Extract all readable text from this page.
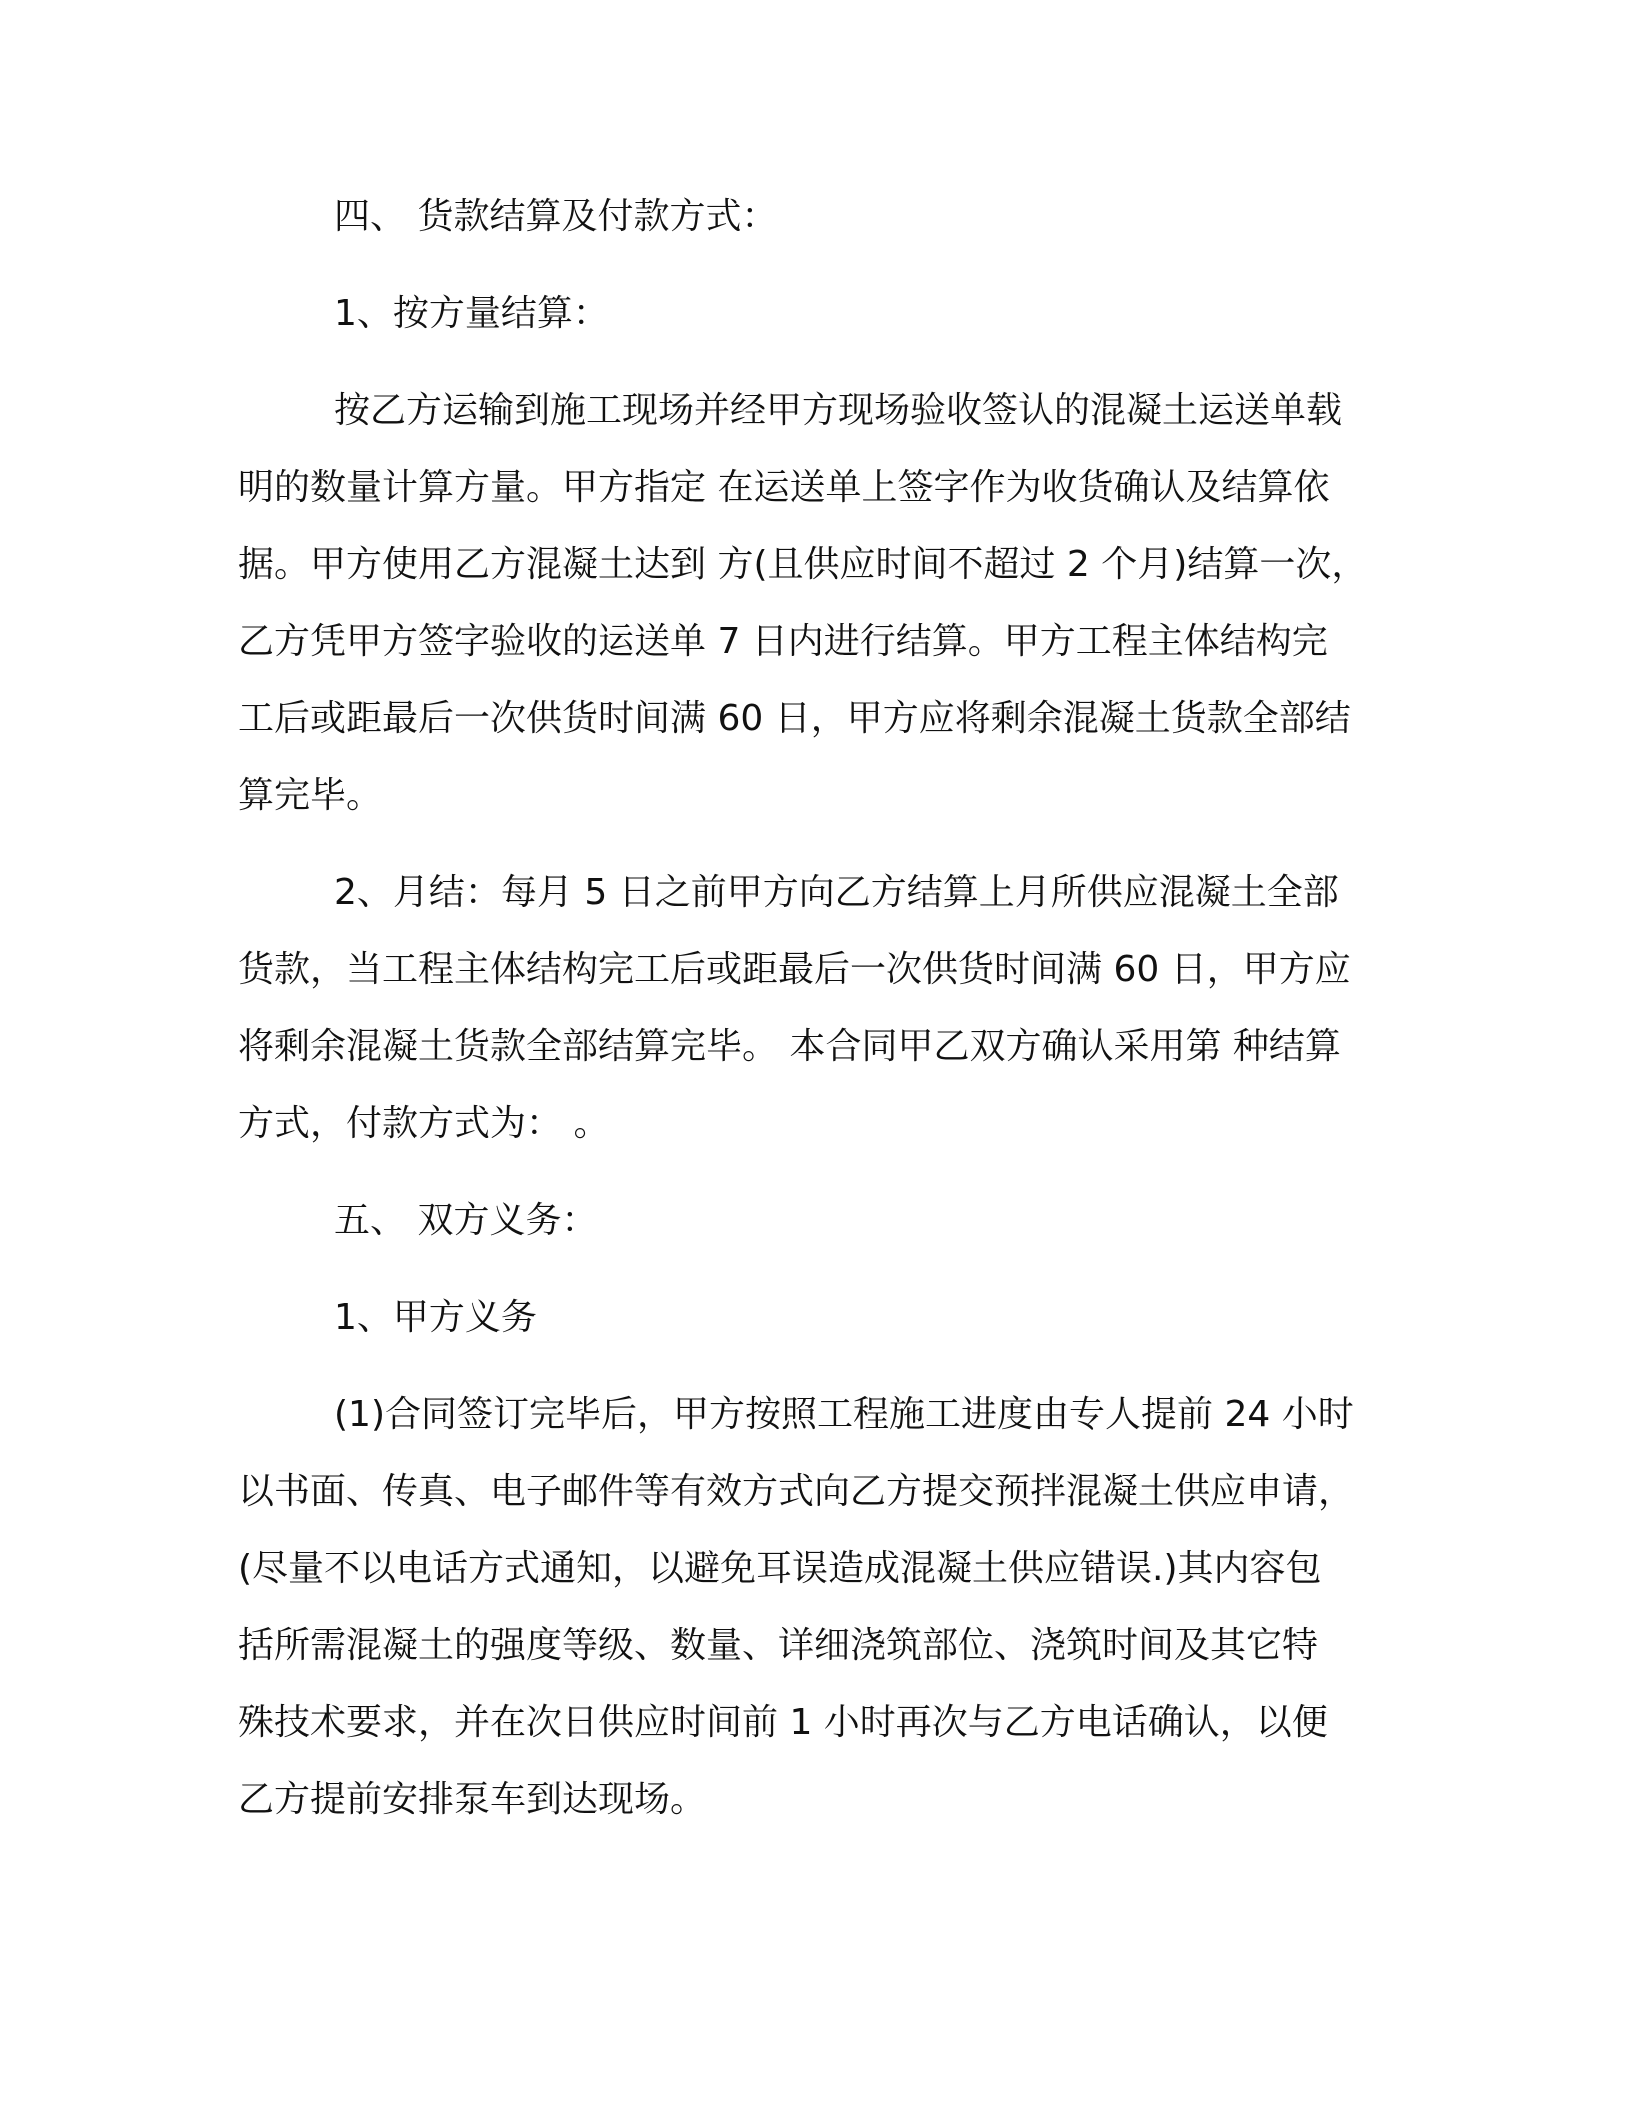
四、 货款结算及付款方式：

1、按方量结算：

按乙方运输到施工现场并经甲方现场验收签认的混凝土运送单载
明的数量计算方量。甲方指定 在运送单上签字作为收货确认及结算依
据。甲方使用乙方混凝土达到 方(且供应时间不超过 2 个月)结算一次，
乙方凭甲方签字验收的运送单 7 日内进行结算。甲方工程主体结构完
工后或距最后一次供货时间满 60 日，甲方应将剩余混凝土货款全部结
算完毕。

2、月结：每月 5 日之前甲方向乙方结算上月所供应混凝土全部
货款，当工程主体结构完工后或距最后一次供货时间满 60 日，甲方应
将剩余混凝土货款全部结算完毕。 本合同甲乙双方确认采用第 种结算
方式，付款方式为： 。

五、 双方义务：

1、甲方义务

(1)合同签订完毕后，甲方按照工程施工进度由专人提前 24 小时
以书面、传真、电子邮件等有效方式向乙方提交预拌混凝土供应申请，
(尽量不以电话方式通知，以避免耳误造成混凝土供应错误.)其内容包
括所需混凝土的强度等级、数量、详细浇筑部位、浇筑时间及其它特
殊技术要求，并在次日供应时间前 1 小时再次与乙方电话确认，以便
乙方提前安排泵车到达现场。
